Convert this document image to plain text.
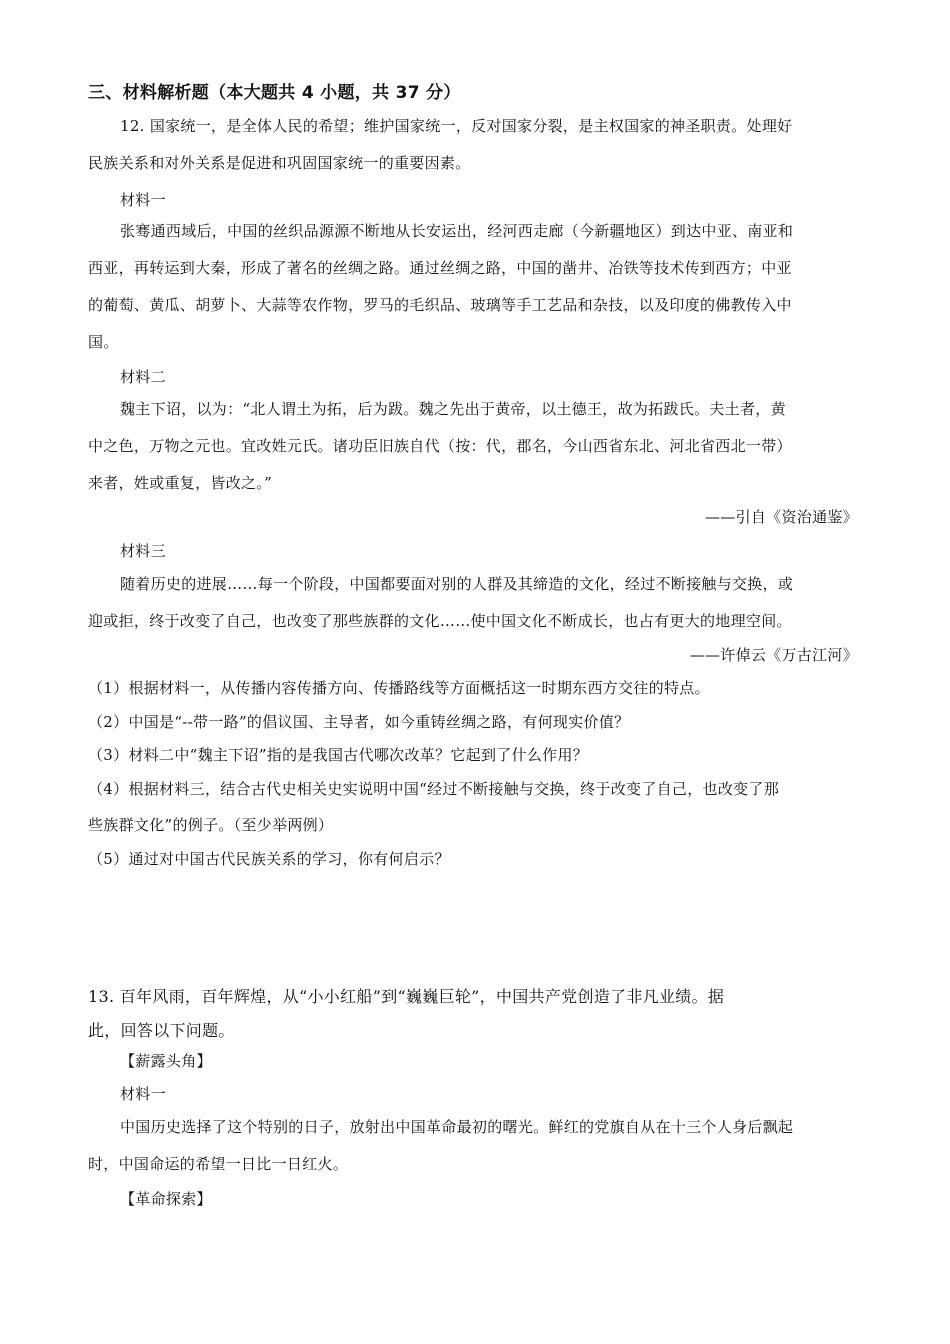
三、材料解析题（本大题共 4 小题，共 37 分）
12. 国家统一，是全体人民的希望；维护国家统一，反对国家分裂，是主权国家的神圣职责。处理好
民族关系和对外关系是促进和巩固国家统一的重要因素。
材料一
张骞通西域后，中国的丝织品源源不断地从长安运出，经河西走廊（今新疆地区）到达中亚、南亚和
西亚，再转运到大秦，形成了著名的丝绸之路。通过丝绸之路，中国的凿井、冶铁等技术传到西方；中亚
的葡萄、黄瓜、胡萝卜、大蒜等农作物，罗马的毛织品、玻璃等手工艺品和杂技，以及印度的佛教传入中
国。
材料二
魏主下诏，以为：“北人谓土为拓，后为跋。魏之先出于黄帝，以土德王，故为拓跋氏。夫土者，黄
中之色，万物之元也。宜改姓元氏。诸功臣旧族自代（按：代，郡名，今山西省东北、河北省西北一带）
来者，姓或重复，皆改之。”
——引自《资治通鉴》
材料三
随着历史的进展……每一个阶段，中国都要面对别的人群及其缔造的文化，经过不断接触与交换，或
迎或拒，终于改变了自己，也改变了那些族群的文化……使中国文化不断成长，也占有更大的地理空间。
——许倬云《万古江河》
（1）根据材料一，从传播内容传播方向、传播路线等方面概括这一时期东西方交往的特点。
（2）中国是“--带一路”的倡议国、主导者，如今重铸丝绸之路，有何现实价值？
（3）材料二中“魏主下诏”指的是我国古代哪次改革？它起到了什么作用？
（4）根据材料三，结合古代史相关史实说明中国“经过不断接触与交换，终于改变了自己，也改变了那
些族群文化”的例子。（至少举两例）
（5）通过对中国古代民族关系的学习，你有何启示？
13. 百年风雨，百年辉煌，从“小小红船”到“巍巍巨轮”，中国共产党创造了非凡业绩。据
此，回答以下问题。
【薪露头角】
材料一
中国历史选择了这个特别的日子，放射出中国革命最初的曙光。鲜红的党旗自从在十三个人身后飘起
时，中国命运的希望一日比一日红火。
【革命探索】
